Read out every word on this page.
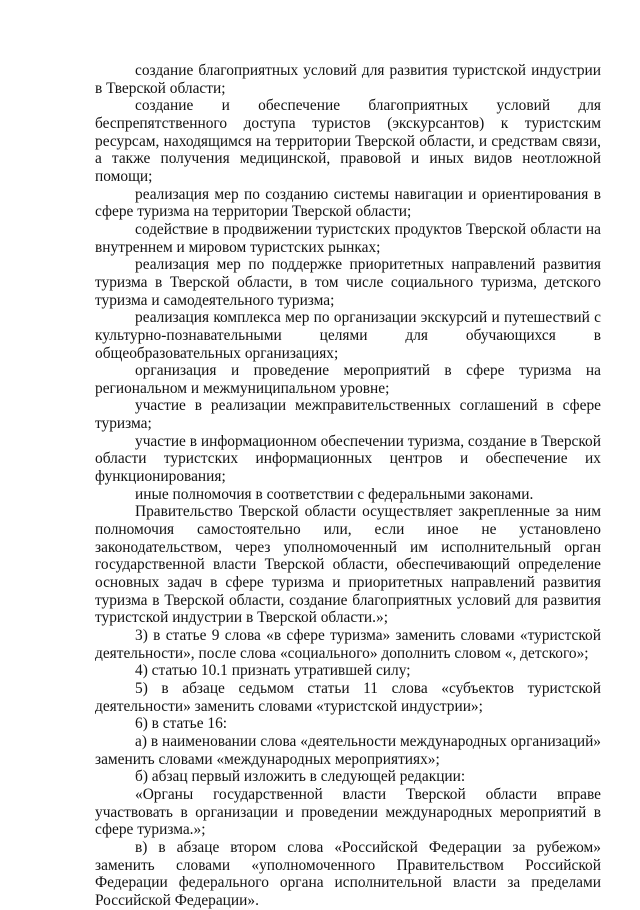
создание благоприятных условий для развития туристской индустрии в Тверской области;

создание и обеспечение благоприятных условий для беспрепятственного доступа туристов (экскурсантов) к туристским ресурсам, находящимся на территории Тверской области, и средствам связи, а также получения медицинской, правовой и иных видов неотложной помощи;

реализация мер по созданию системы навигации и ориентирования в сфере туризма на территории Тверской области;

содействие в продвижении туристских продуктов Тверской области на внутреннем и мировом туристских рынках;

реализация мер по поддержке приоритетных направлений развития туризма в Тверской области, в том числе социального туризма, детского туризма и самодеятельного туризма;

реализация комплекса мер по организации экскурсий и путешествий с культурно-познавательными целями для обучающихся в общеобразовательных организациях;

организация и проведение мероприятий в сфере туризма на региональном и межмуниципальном уровне;

участие в реализации межправительственных соглашений в сфере туризма;

участие в информационном обеспечении туризма, создание в Тверской области туристских информационных центров и обеспечение их функционирования;

иные полномочия в соответствии с федеральными законами.

Правительство Тверской области осуществляет закрепленные за ним полномочия самостоятельно или, если иное не установлено законодательством, через уполномоченный им исполнительный орган государственной власти Тверской области, обеспечивающий определение основных задач в сфере туризма и приоритетных направлений развития туризма в Тверской области, создание благоприятных условий для развития туристской индустрии в Тверской области.»;

3) в статье 9 слова «в сфере туризма» заменить словами «туристской деятельности», после слова «социального» дополнить словом «, детского»;

4) статью 10.1 признать утратившей силу;

5) в абзаце седьмом статьи 11 слова «субъектов туристской деятельности» заменить словами «туристской индустрии»;

6) в статье 16:

а) в наименовании слова «деятельности международных организаций» заменить словами «международных мероприятиях»;

б) абзац первый изложить в следующей редакции:

«Органы государственной власти Тверской области вправе участвовать в организации и проведении международных мероприятий в сфере туризма.»;

в) в абзаце втором слова «Российской Федерации за рубежом» заменить словами «уполномоченного Правительством Российской Федерации федерального органа исполнительной власти за пределами Российской Федерации».
